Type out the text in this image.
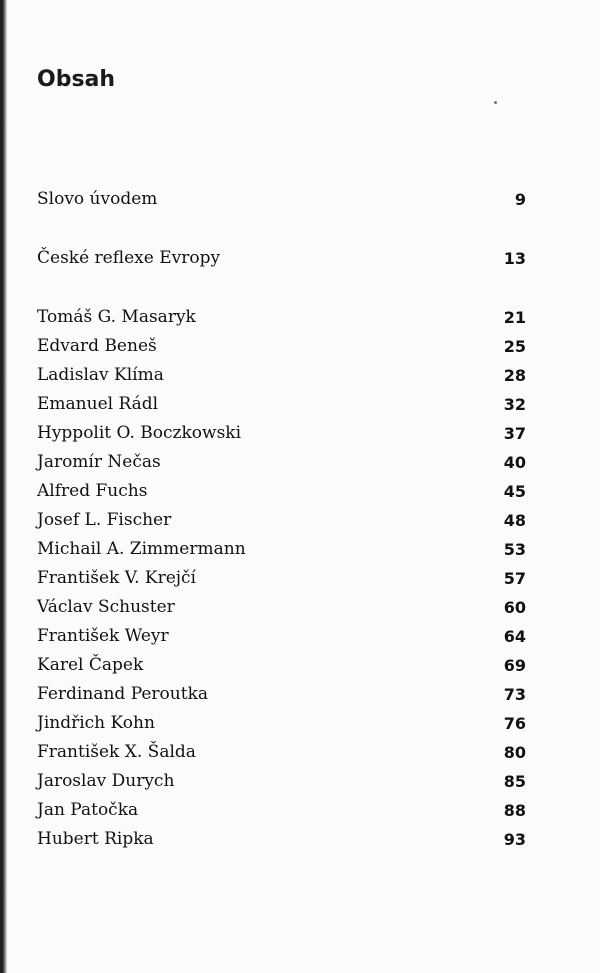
Obsah
Slovo úvodem	9
České reflexe Evropy	13
Tomáš G. Masaryk	21
Edvard Beneš	25
Ladislav Klíma	28
Emanuel Rádl	32
Hyppolit O. Boczkowski	37
Jaromír Nečas	40
Alfred Fuchs	45
Josef L. Fischer	48
Michail A. Zimmermann	53
František V. Krejčí	57
Václav Schuster	60
František Weyr	64
Karel Čapek	69
Ferdinand Peroutka	73
Jindřich Kohn	76
František X. Šalda	80
Jaroslav Durych	85
Jan Patočka	88
Hubert Ripka	93
